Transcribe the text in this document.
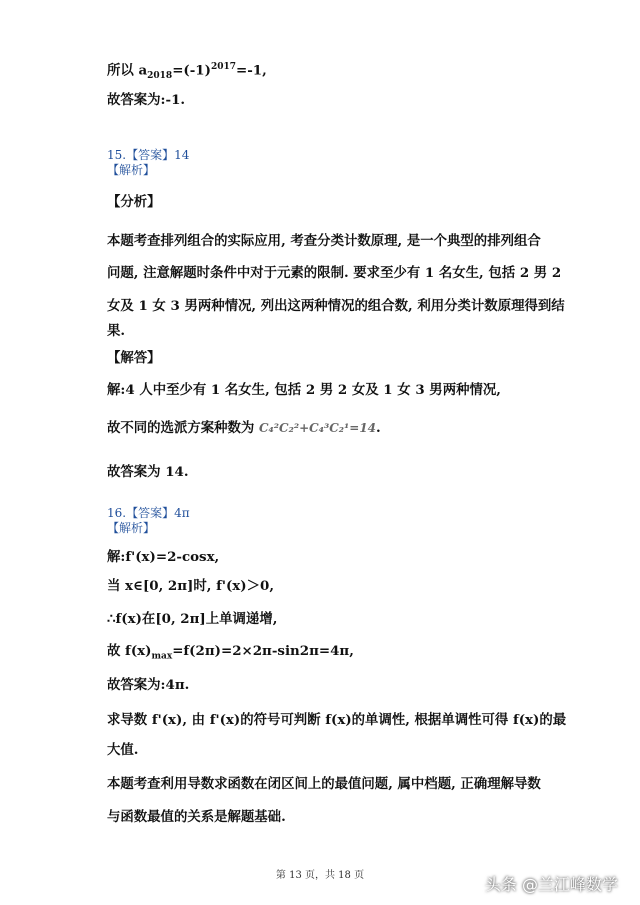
所以 $a_{2018}=(-1)^{2017}=-1$,
故答案为:-1.
15.【答案】14
【解析】
【分析】
本题考查排列组合的实际应用, 考查分类计数原理, 是一个典型的排列组合
问题, 注意解题时条件中对于元素的限制. 要求至少有 1 名女生, 包括 2 男 2
女及 1 女 3 男两种情况, 列出这两种情况的组合数, 利用分类计数原理得到结
果.
【解答】
解:4 人中至少有 1 名女生, 包括 2 男 2 女及 1 女 3 男两种情况,
故不同的选派方案种数为 C₄²C₂²+C₄³C₂¹=14.
故答案为 14.
16.【答案】4π
【解析】
解:f'(x)=2-cosx,
当 x∈[0, 2π]时, f'(x)＞0,
∴f(x)在[0, 2π]上单调递增,
故 $f(x)_{max}=f(2\pi)=2\times 2\pi-\sin 2\pi=4\pi$,
故答案为:4π.
求导数 f'(x), 由 f'(x)的符号可判断 f(x)的单调性, 根据单调性可得 f(x)的最
大值.
本题考查利用导数求函数在闭区间上的最值问题, 属中档题, 正确理解导数
与函数最值的关系是解题基础.
第 13 页，共 18 页	头条 @兰江峰数学
